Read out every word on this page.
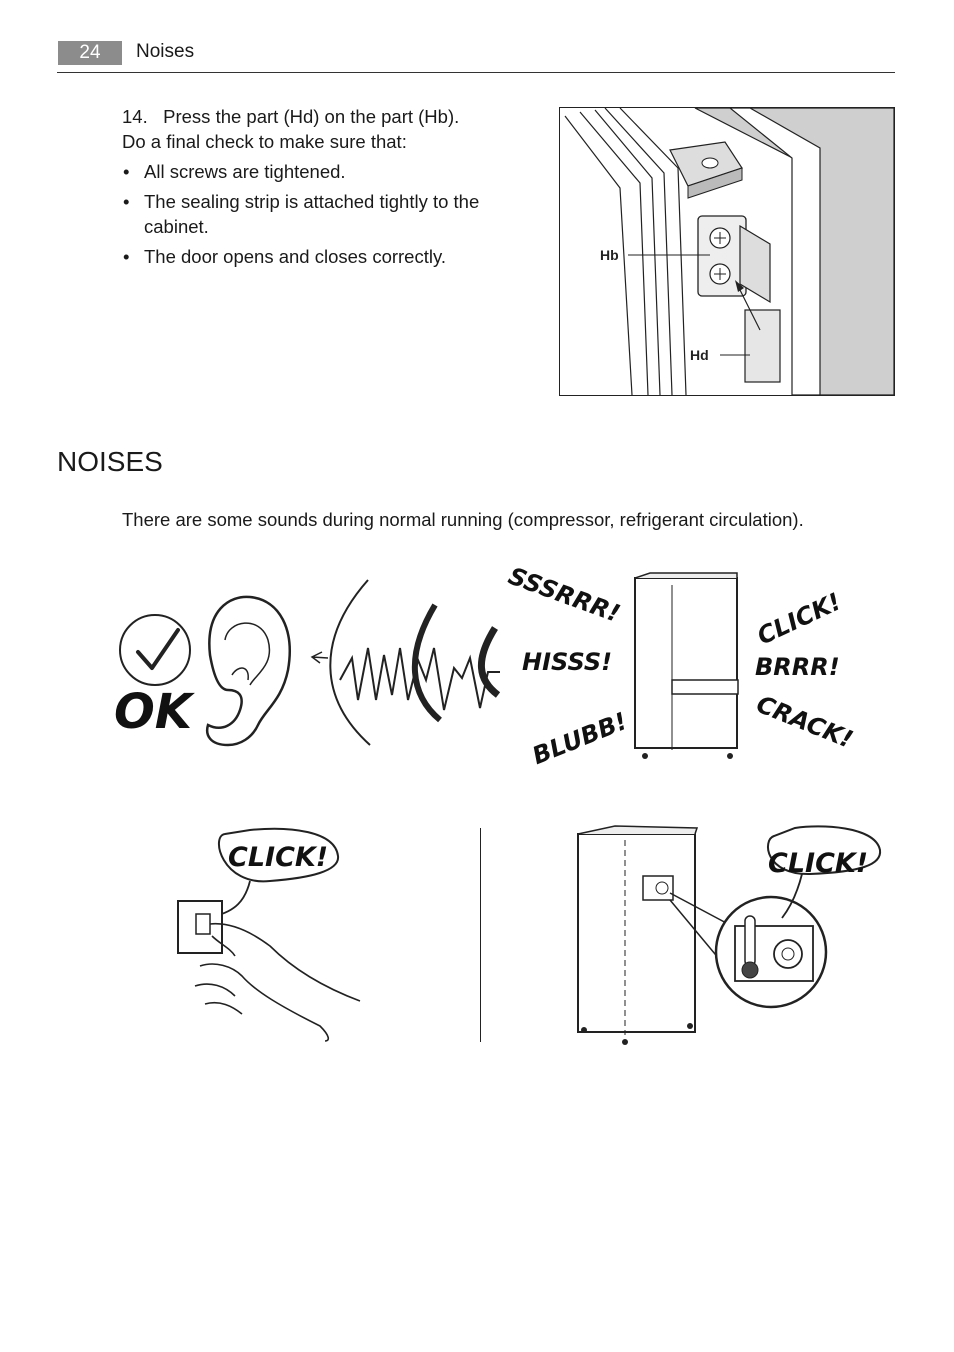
24	Noises

14. Press the part (Hd) on the part (Hb).

Do a final check to make sure that:

• All screws are tightened.
• The sealing strip is attached tightly to the cabinet.
• The door opens and closes correctly.	Hb
Hd
NOISES

There are some sounds during normal running (compressor, refrigerant circulation).

OK
SSSRRR!
HISSS!
BLUBB!
CLICK!
BRRR!
CRACK!
CLICK!	CLICK!
